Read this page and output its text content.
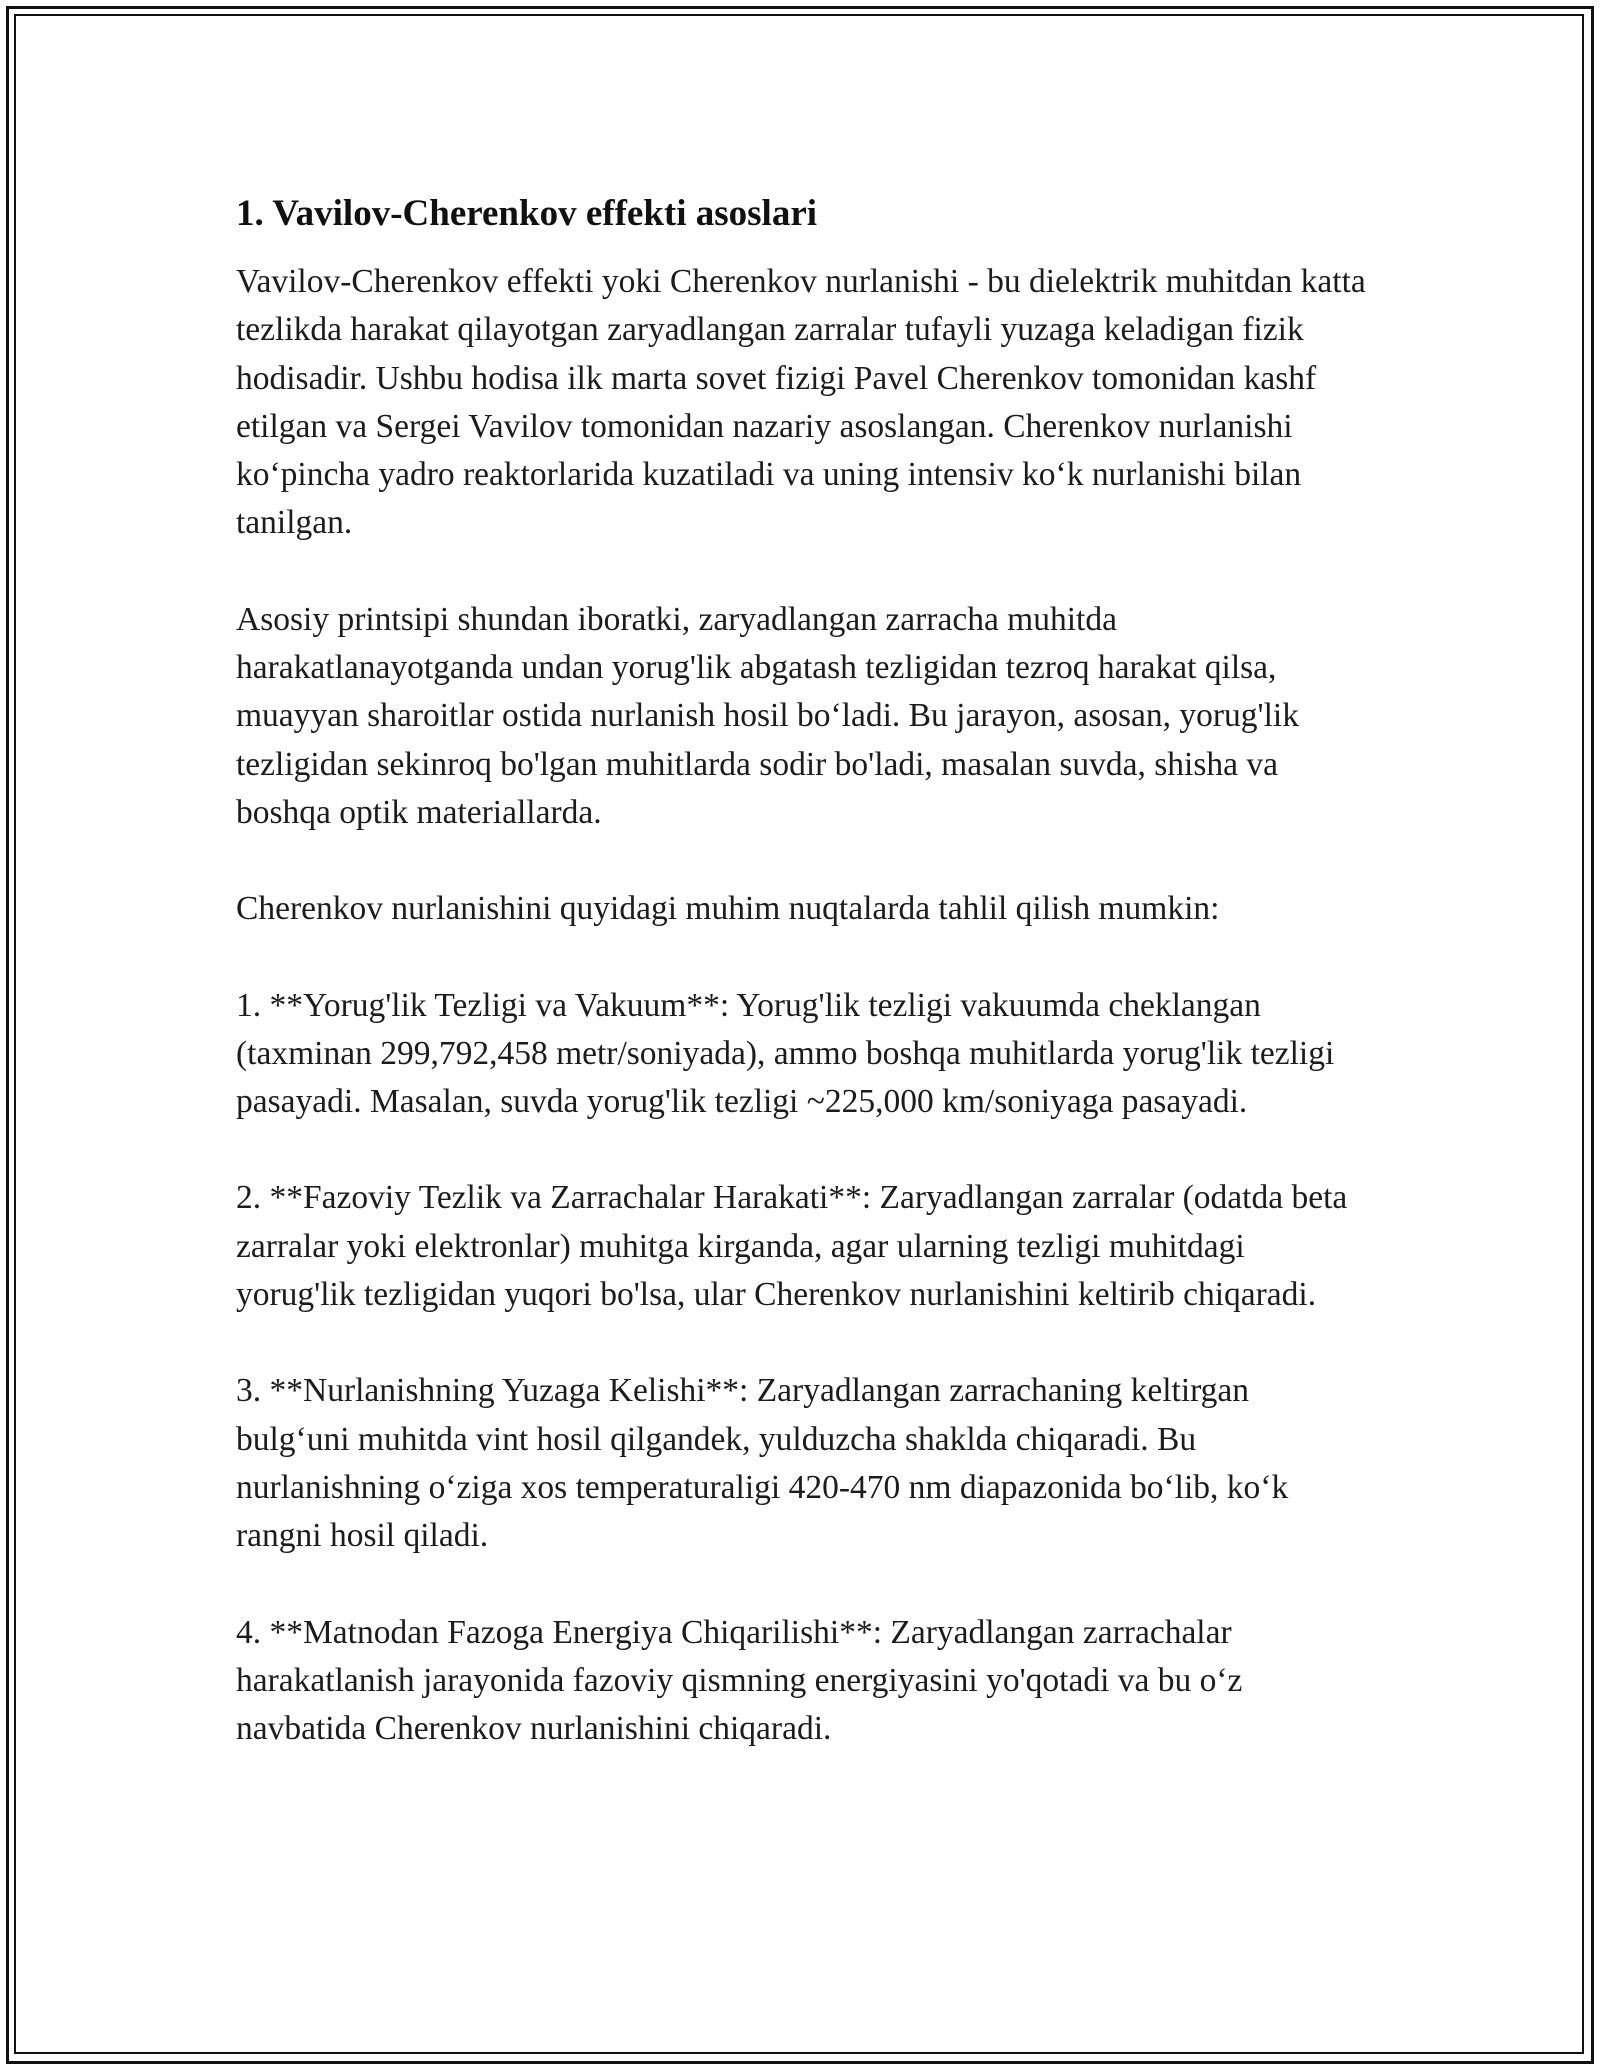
1. Vavilov-Cherenkov effekti asoslari

Vavilov-Cherenkov effekti yoki Cherenkov nurlanishi - bu dielektrik muhitdan katta tezlikda harakat qilayotgan zaryadlangan zarralar tufayli yuzaga keladigan fizik hodisadir. Ushbu hodisa ilk marta sovet fizigi Pavel Cherenkov tomonidan kashf etilgan va Sergei Vavilov tomonidan nazariy asoslangan. Cherenkov nurlanishi ko‘pincha yadro reaktorlarida kuzatiladi va uning intensiv ko‘k nurlanishi bilan tanilgan.

Asosiy printsipi shundan iboratki, zaryadlangan zarracha muhitda harakatlanayotganda undan yorug'lik abgatash tezligidan tezroq harakat qilsa, muayyan sharoitlar ostida nurlanish hosil bo‘ladi. Bu jarayon, asosan, yorug'lik tezligidan sekinroq bo'lgan muhitlarda sodir bo'ladi, masalan suvda, shisha va boshqa optik materiallarda.

Cherenkov nurlanishini quyidagi muhim nuqtalarda tahlil qilish mumkin:

1. **Yorug'lik Tezligi va Vakuum**: Yorug'lik tezligi vakuumda cheklangan (taxminan 299,792,458 metr/soniyada), ammo boshqa muhitlarda yorug'lik tezligi pasayadi. Masalan, suvda yorug'lik tezligi ~225,000 km/soniyaga pasayadi.

2. **Fazoviy Tezlik va Zarrachalar Harakati**: Zaryadlangan zarralar (odatda beta zarralar yoki elektronlar) muhitga kirganda, agar ularning tezligi muhitdagi yorug'lik tezligidan yuqori bo'lsa, ular Cherenkov nurlanishini keltirib chiqaradi.

3. **Nurlanishning Yuzaga Kelishi**: Zaryadlangan zarrachaning keltirgan bulg‘uni muhitda vint hosil qilgandek, yulduzcha shaklda chiqaradi. Bu nurlanishning o‘ziga xos temperaturaligi 420-470 nm diapazonida bo‘lib, ko‘k rangni hosil qiladi.

4. **Matnodan Fazoga Energiya Chiqarilishi**: Zaryadlangan zarrachalar harakatlanish jarayonida fazoviy qismning energiyasini yo'qotadi va bu o‘z navbatida Cherenkov nurlanishini chiqaradi.
